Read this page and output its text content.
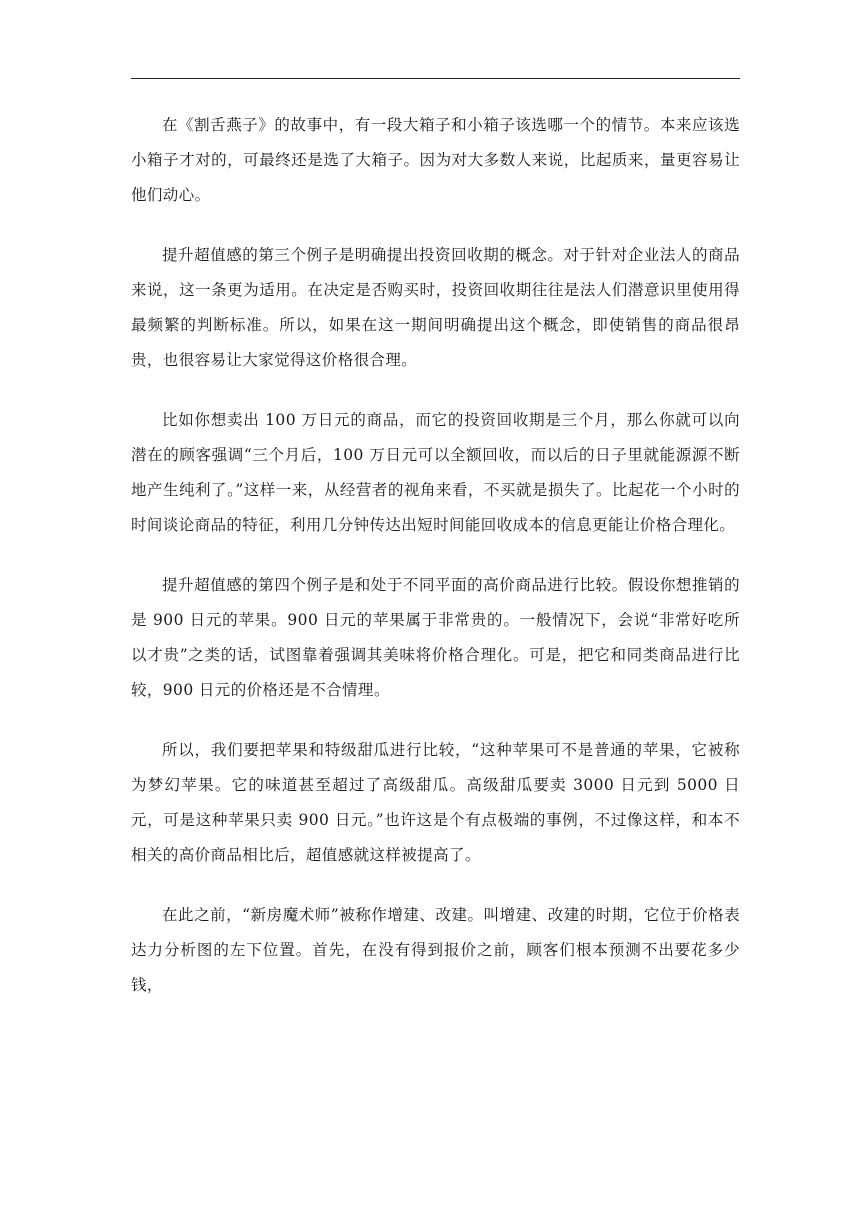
在《割舌燕子》的故事中，有一段大箱子和小箱子该选哪一个的情节。本来应该选小箱子才对的，可最终还是选了大箱子。因为对大多数人来说，比起质来，量更容易让他们动心。

提升超值感的第三个例子是明确提出投资回收期的概念。对于针对企业法人的商品来说，这一条更为适用。在决定是否购买时，投资回收期往往是法人们潜意识里使用得最频繁的判断标准。所以，如果在这一期间明确提出这个概念，即使销售的商品很昂贵，也很容易让大家觉得这价格很合理。

比如你想卖出 100 万日元的商品，而它的投资回收期是三个月，那么你就可以向潜在的顾客强调“三个月后，100 万日元可以全额回收，而以后的日子里就能源源不断地产生纯利了。”这样一来，从经营者的视角来看，不买就是损失了。比起花一个小时的时间谈论商品的特征，利用几分钟传达出短时间能回收成本的信息更能让价格合理化。

提升超值感的第四个例子是和处于不同平面的高价商品进行比较。假设你想推销的是 900 日元的苹果。900 日元的苹果属于非常贵的。一般情况下，会说“非常好吃所以才贵”之类的话，试图靠着强调其美味将价格合理化。可是，把它和同类商品进行比较，900 日元的价格还是不合情理。

所以，我们要把苹果和特级甜瓜进行比较，“这种苹果可不是普通的苹果，它被称为梦幻苹果。它的味道甚至超过了高级甜瓜。高级甜瓜要卖 3000 日元到 5000 日元，可是这种苹果只卖 900 日元。”也许这是个有点极端的事例，不过像这样，和本不相关的高价商品相比后，超值感就这样被提高了。

在此之前，“新房魔术师”被称作增建、改建。叫增建、改建的时期，它位于价格表达力分析图的左下位置。首先，在没有得到报价之前，顾客们根本预测不出要花多少钱，
